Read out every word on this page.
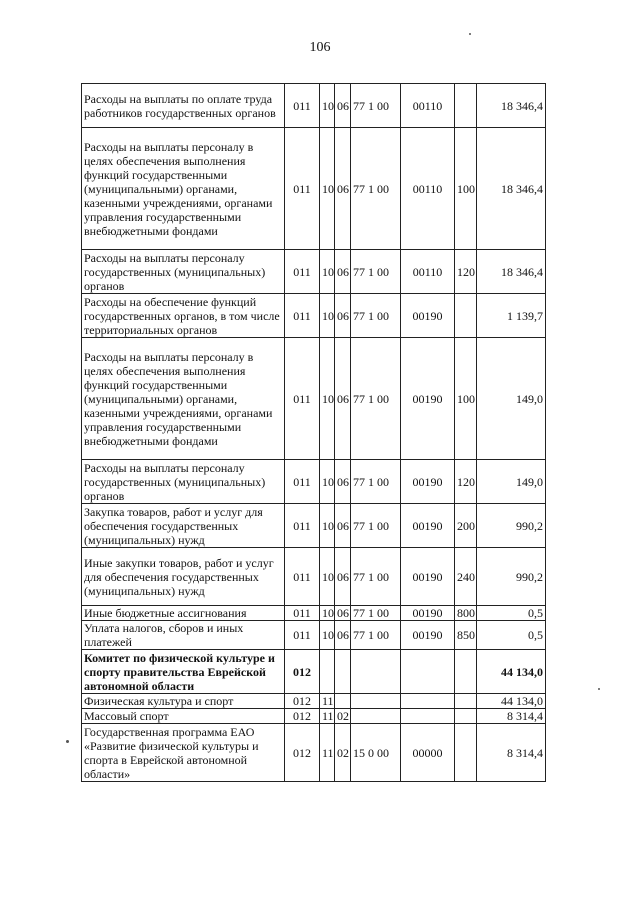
106
Расходы на выплаты по оплате труда работников государственных органов	011	10	06	77 1 00	00110		18 346,4
Расходы на выплаты персоналу в целях обеспечения выполнения функций государственными (муниципальными) органами, казенными учреждениями, органами управления государственными внебюджетными фондами	011	10	06	77 1 00	00110	100	18 346,4
Расходы на выплаты персоналу государственных (муниципальных) органов	011	10	06	77 1 00	00110	120	18 346,4
Расходы на обеспечение функций государственных органов, в том числе территориальных органов	011	10	06	77 1 00	00190		1 139,7
Расходы на выплаты персоналу в целях обеспечения выполнения функций государственными (муниципальными) органами, казенными учреждениями, органами управления государственными внебюджетными фондами	011	10	06	77 1 00	00190	100	149,0
Расходы на выплаты персоналу государственных (муниципальных) органов	011	10	06	77 1 00	00190	120	149,0
Закупка товаров, работ и услуг для обеспечения государственных (муниципальных) нужд	011	10	06	77 1 00	00190	200	990,2
Иные закупки товаров, работ и услуг для обеспечения государственных (муниципальных) нужд	011	10	06	77 1 00	00190	240	990,2
Иные бюджетные ассигнования	011	10	06	77 1 00	00190	800	0,5
Уплата налогов, сборов и иных платежей	011	10	06	77 1 00	00190	850	0,5
Комитет по физической культуре и спорту правительства Еврейской автономной области	012						44 134,0
Физическая культура и спорт	012	11					44 134,0
Массовый спорт	012	11	02				8 314,4
Государственная программа ЕАО «Развитие физической культуры и спорта в Еврейской автономной области»	012	11	02	15 0 00	00000		8 314,4
